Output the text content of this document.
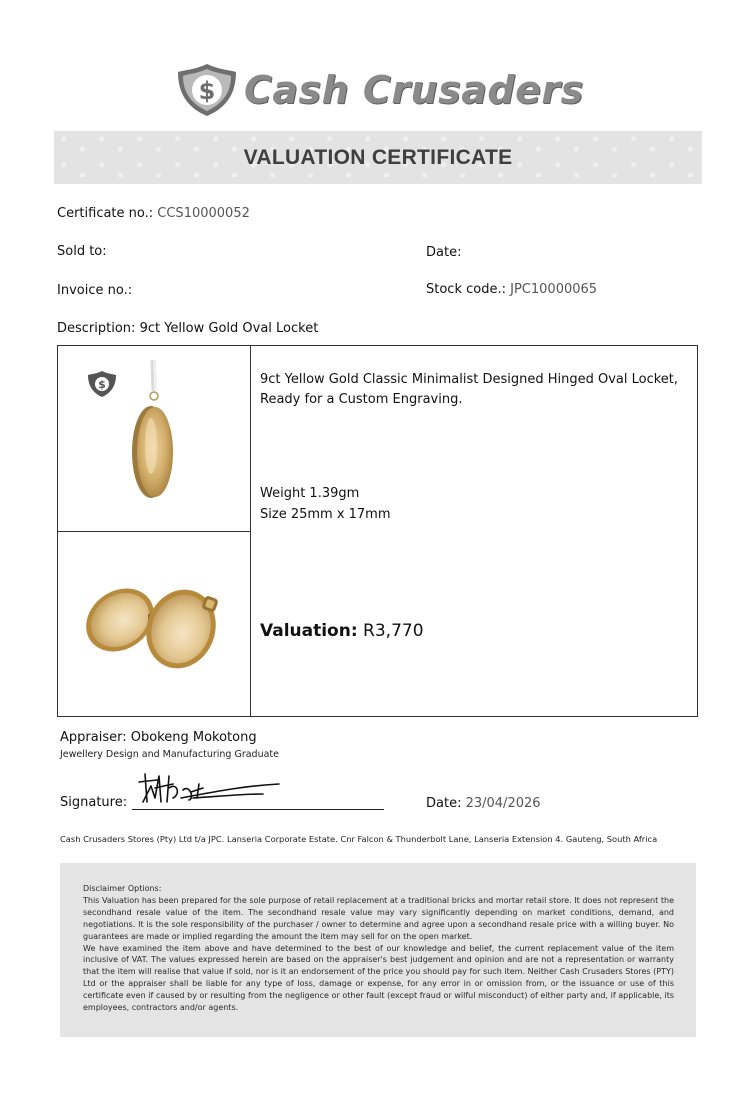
$ Cash Crusaders
VALUATION CERTIFICATE
Certificate no.: CCS10000052
Sold to:	Date:
Invoice no.:	Stock code.: JPC10000065
Description: 9ct Yellow Gold Oval Locket
$	9ct Yellow Gold Classic Minimalist Designed Hinged Oval Locket,
Ready for a Custom Engraving.
Weight 1.39gm
Size 25mm x 17mm
Valuation: R3,770
Appraiser: Obokeng Mokotong
Jewellery Design and Manufacturing Graduate
Signature:	Date: 23/04/2026
Cash Crusaders Stores (Pty) Ltd t/a JPC. Lanseria Corporate Estate. Cnr Falcon & Thunderbolt Lane, Lanseria Extension 4. Gauteng, South Africa

Disclaimer Options:

This Valuation has been prepared for the sole purpose of retail replacement at a traditional bricks and mortar retail store. It does not represent the secondhand resale value of the item. The secondhand resale value may vary significantly depending on market conditions, demand, and negotiations. It is the sole responsibility of the purchaser / owner to determine and agree upon a secondhand resale price with a willing buyer. No guarantees are made or implied regarding the amount the item may sell for on the open market.

We have examined the item above and have determined to the best of our knowledge and belief, the current replacement value of the item inclusive of VAT. The values expressed herein are based on the appraiser's best judgement and opinion and are not a representation or warranty that the item will realise that value if sold, nor is it an endorsement of the price you should pay for such item. Neither Cash Crusaders Stores (PTY) Ltd or the appraiser shall be liable for any type of loss, damage or expense, for any error in or omission from, or the issuance or use of this certificate even if caused by or resulting from the negligence or other fault (except fraud or wilful misconduct) of either party and, if applicable, its employees, contractors and/or agents.
